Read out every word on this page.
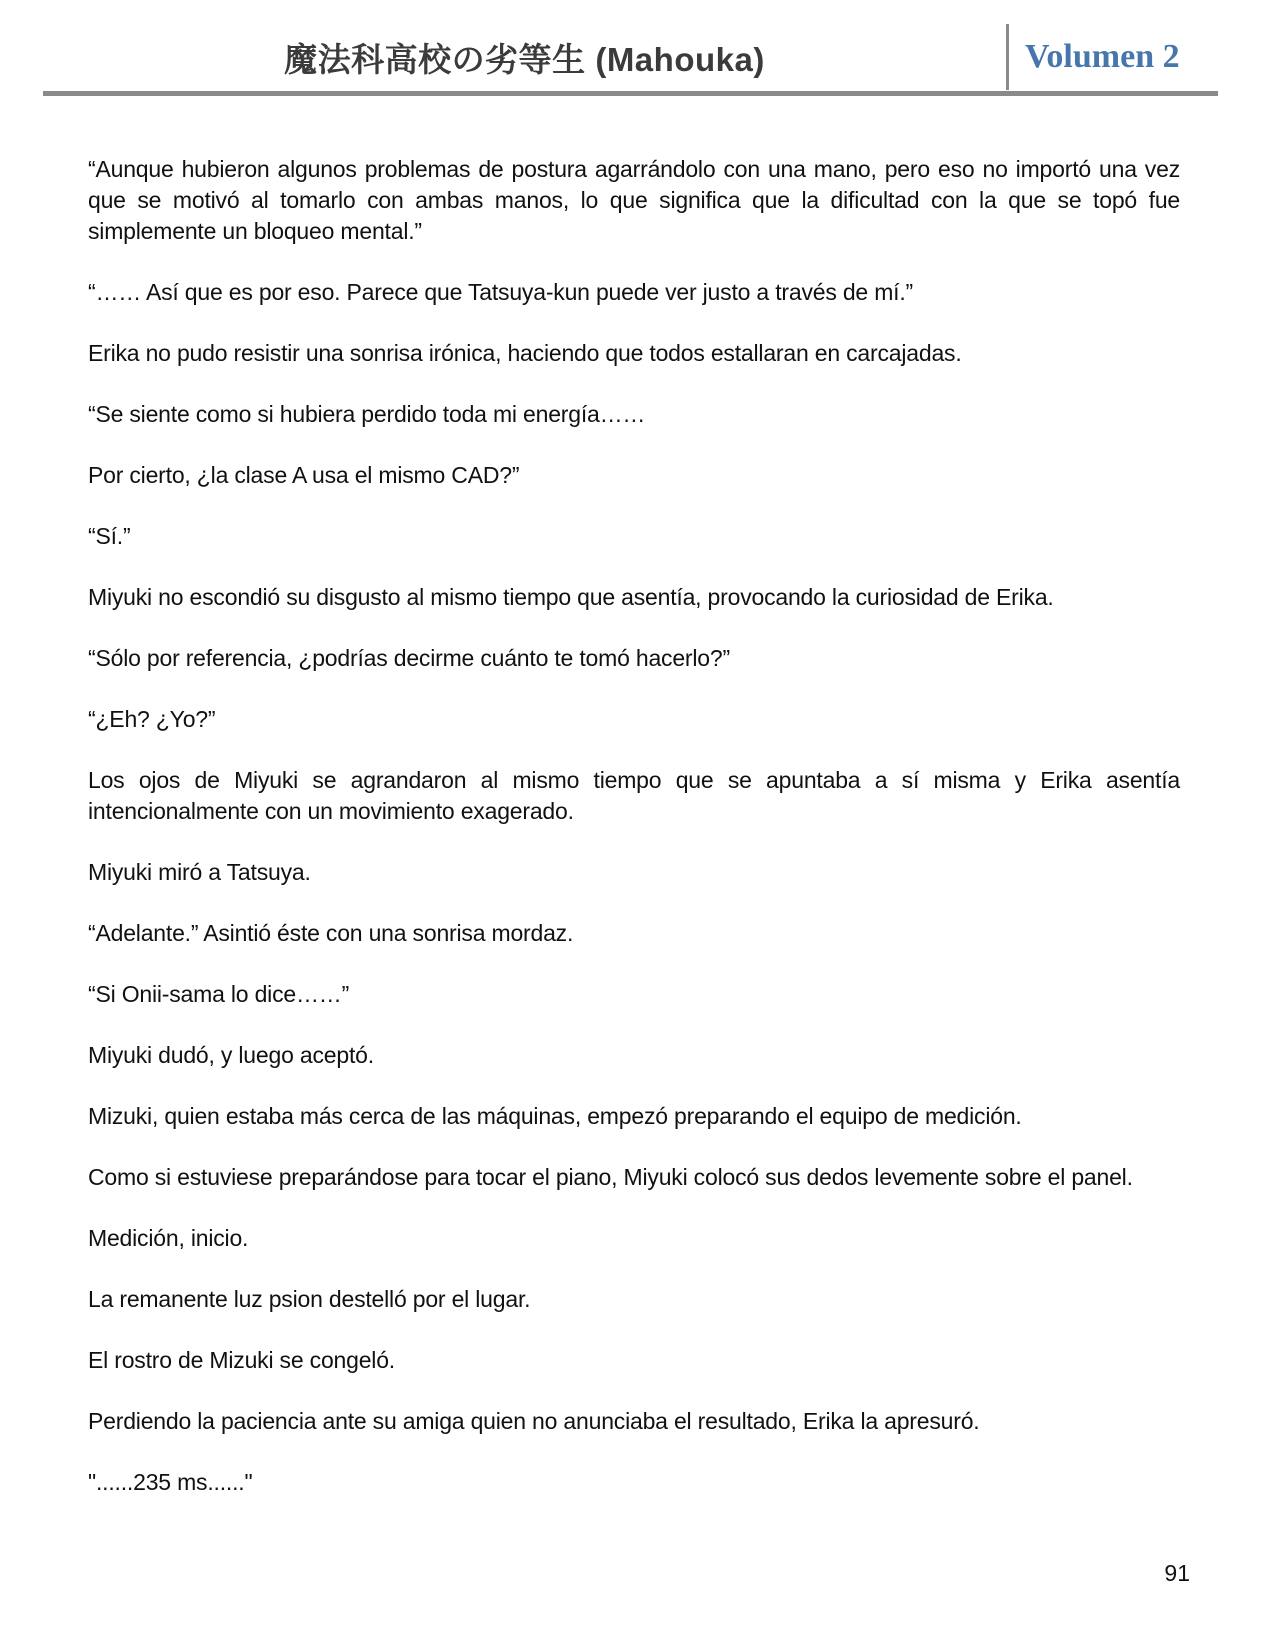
魔法科高校の劣等生 (Mahouka)	Volumen 2

“Aunque hubieron algunos problemas de postura agarrándolo con una mano, pero eso no importó una vez que se motivó al tomarlo con ambas manos, lo que significa que la dificultad con la que se topó fue simplemente un bloqueo mental.”

“…… Así que es por eso. Parece que Tatsuya-kun puede ver justo a través de mí.”

Erika no pudo resistir una sonrisa irónica, haciendo que todos estallaran en carcajadas.

“Se siente como si hubiera perdido toda mi energía……

Por cierto, ¿la clase A usa el mismo CAD?”

“Sí.”

Miyuki no escondió su disgusto al mismo tiempo que asentía, provocando la curiosidad de Erika.

“Sólo por referencia, ¿podrías decirme cuánto te tomó hacerlo?”

“¿Eh? ¿Yo?”

Los ojos de Miyuki se agrandaron al mismo tiempo que se apuntaba a sí misma y Erika asentía intencionalmente con un movimiento exagerado.

Miyuki miró a Tatsuya.

“Adelante.” Asintió éste con una sonrisa mordaz.

“Si Onii-sama lo dice……”

Miyuki dudó, y luego aceptó.

Mizuki, quien estaba más cerca de las máquinas, empezó preparando el equipo de medición.

Como si estuviese preparándose para tocar el piano, Miyuki colocó sus dedos levemente sobre el panel.

Medición, inicio.

La remanente luz psion destelló por el lugar.

El rostro de Mizuki se congeló.

Perdiendo la paciencia ante su amiga quien no anunciaba el resultado, Erika la apresuró.

"......235 ms......"

91
